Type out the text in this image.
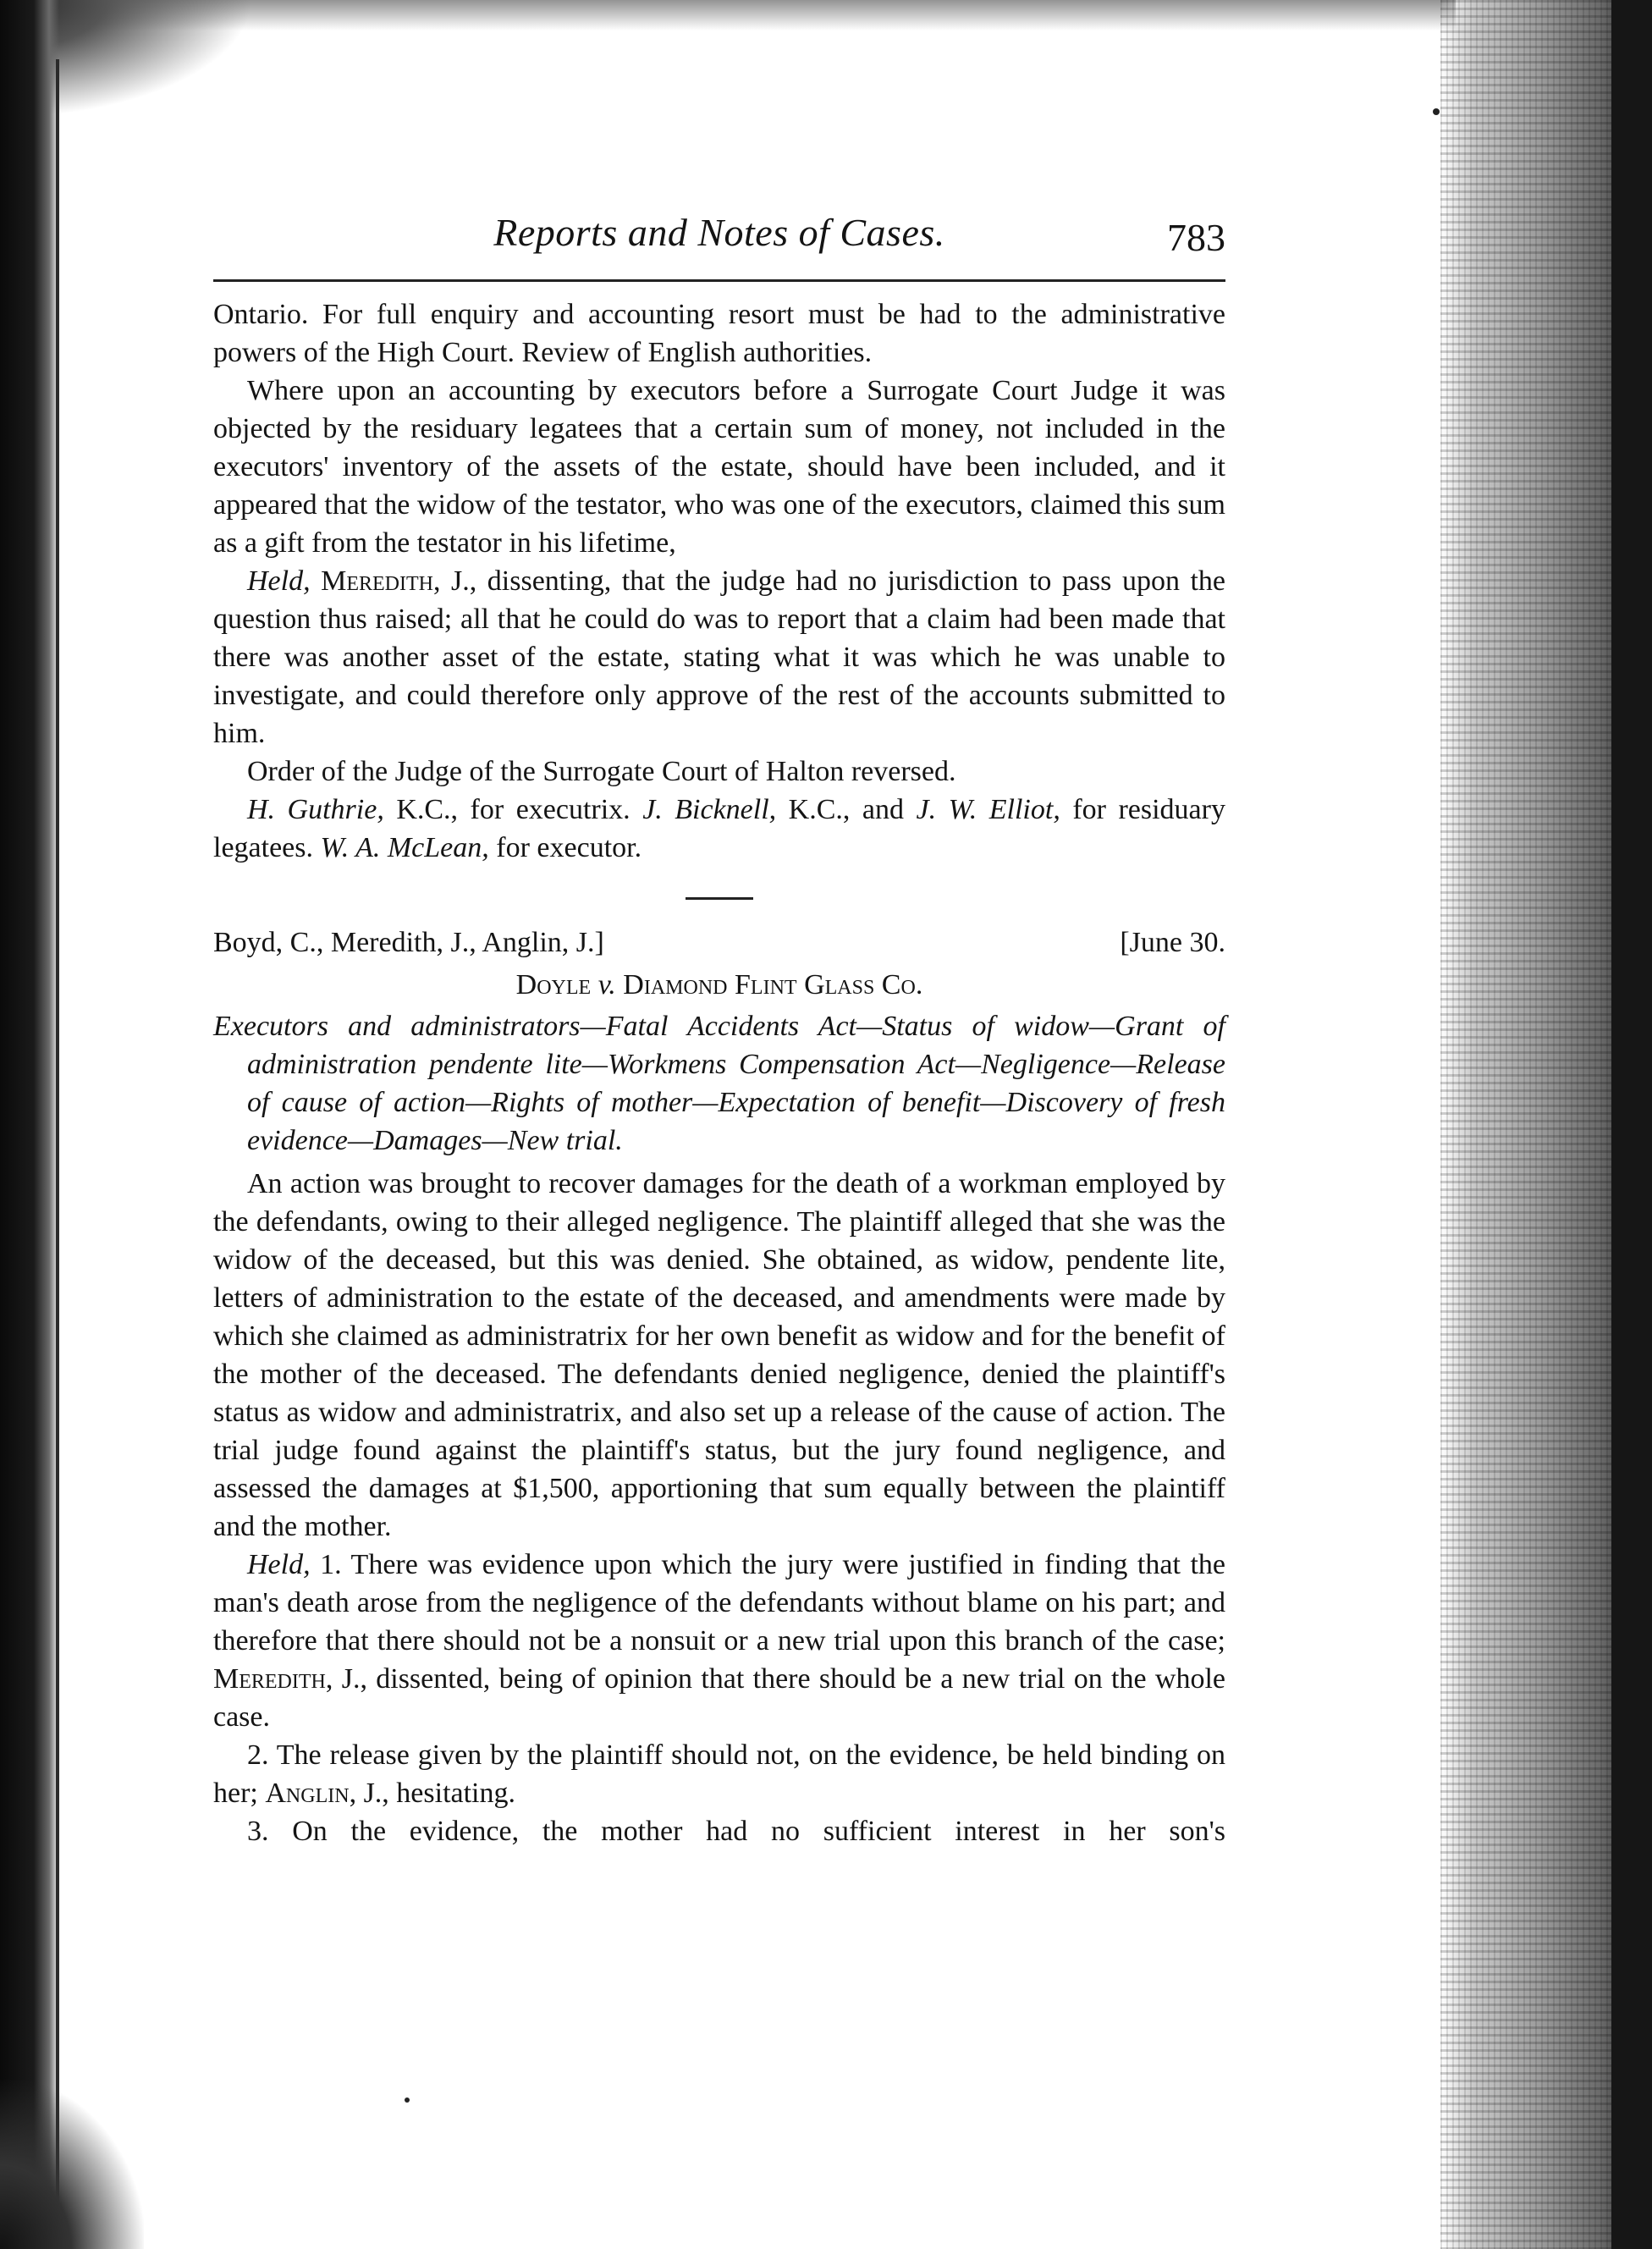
Reports and Notes of Cases.	783

Ontario. For full enquiry and accounting resort must be had to the administrative powers of the High Court. Review of English authorities.

Where upon an accounting by executors before a Surrogate Court Judge it was objected by the residuary legatees that a certain sum of money, not included in the executors' inventory of the assets of the estate, should have been included, and it appeared that the widow of the testator, who was one of the executors, claimed this sum as a gift from the testator in his lifetime,

Held, Meredith, J., dissenting, that the judge had no jurisdiction to pass upon the question thus raised; all that he could do was to report that a claim had been made that there was another asset of the estate, stating what it was which he was unable to investigate, and could therefore only approve of the rest of the accounts submitted to him.

Order of the Judge of the Surrogate Court of Halton reversed.

H. Guthrie, K.C., for executrix. J. Bicknell, K.C., and J. W. Elliot, for residuary legatees. W. A. McLean, for executor.

Boyd, C., Meredith, J., Anglin, J.]	[June 30.
Doyle v. Diamond Flint Glass Co.

Executors and administrators—Fatal Accidents Act—Status of widow—Grant of administration pendente lite—Workmens Compensation Act—Negligence—Release of cause of action—Rights of mother—Expectation of benefit—Discovery of fresh evidence—Damages—New trial.

An action was brought to recover damages for the death of a workman employed by the defendants, owing to their alleged negligence. The plaintiff alleged that she was the widow of the deceased, but this was denied. She obtained, as widow, pendente lite, letters of administration to the estate of the deceased, and amendments were made by which she claimed as administratrix for her own benefit as widow and for the benefit of the mother of the deceased. The defendants denied negligence, denied the plaintiff's status as widow and administratrix, and also set up a release of the cause of action. The trial judge found against the plaintiff's status, but the jury found negligence, and assessed the damages at $1,500, apportioning that sum equally between the plaintiff and the mother.

Held, 1. There was evidence upon which the jury were justified in finding that the man's death arose from the negligence of the defendants without blame on his part; and therefore that there should not be a nonsuit or a new trial upon this branch of the case; Meredith, J., dissented, being of opinion that there should be a new trial on the whole case.

2. The release given by the plaintiff should not, on the evidence, be held binding on her; Anglin, J., hesitating.

3. On the evidence, the mother had no sufficient interest in her son's
